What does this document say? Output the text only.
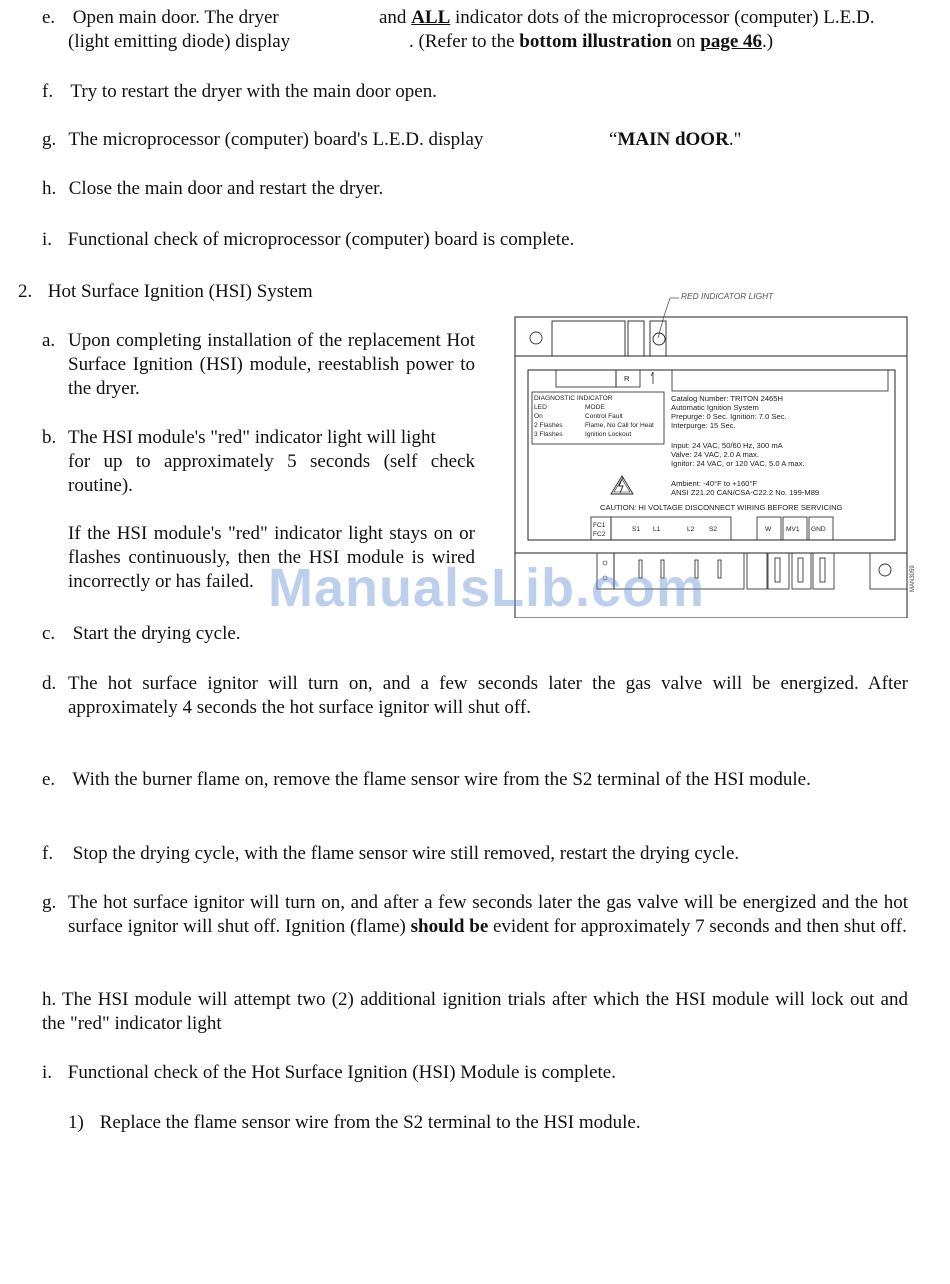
e. Open main door. The dryer	and ALL indicator dots of the microprocessor (computer) L.E.D.
(light emitting diode) display	. (Refer to the bottom illustration on page 46.)
f. Try to restart the dryer with the main door open.
g. The microprocessor (computer) board's L.E.D. display	“MAIN dOOR."
h. Close the main door and restart the dryer.
i. Functional check of microprocessor (computer) board is complete.
2. Hot Surface Ignition (HSI) System
a. Upon completing installation of the replacement Hot Surface Ignition (HSI) module, reestablish power to the dryer.
b. The HSI module's "red" indicator light will light
for up to approximately 5 seconds (self check routine).
If the HSI module's "red" indicator light stays on or flashes continuously, then the HSI module is wired incorrectly or has failed.
c. Start the drying cycle.
d. The hot surface ignitor will turn on, and a few seconds later the gas valve will be energized. After approximately 4 seconds the hot surface ignitor will shut off.
e. With the burner flame on, remove the flame sensor wire from the S2 terminal of the HSI module.
f. Stop the drying cycle, with the flame sensor wire still removed, restart the drying cycle.
g. The hot surface ignitor will turn on, and after a few seconds later the gas valve will be energized and the hot surface ignitor will shut off. Ignition (flame) should be evident for approximately 7 seconds and then shut off.
h. The HSI module will attempt two (2) additional ignition trials after which the HSI module will lock out and the "red" indicator light
i. Functional check of the Hot Surface Ignition (HSI) Module is complete.
1) Replace the flame sensor wire from the S2 terminal to the HSI module.
RED INDICATOR LIGHT
R
DIAGNOSTIC INDICATOR
LED	MODE
On	Control Fault
2 Flashes	Flame, No Call for Heat
3 Flashes	Ignition Lockout
Catalog Number: TRITON 2465H
Automatic Ignition System
Prepurge: 0 Sec. Ignition: 7.0 Sec.
Interpurge: 15 Sec.
Input: 24 VAC, 50/60 Hz, 300 mA
Valve: 24 VAC, 2.0 A max.
Ignitor: 24 VAC, or 120 VAC, 5.0 A max.
Ambient: -40°F to +160°F
ANSI Z21.20 CAN/CSA-C22.2 No. 199-M89
CAUTION: HI VOLTAGE DISCONNECT WIRING BEFORE SERVICING
FC1
FC2
S1 L1	L2 S2	W MV1 GND
MAN3059
ManualsLib.com
